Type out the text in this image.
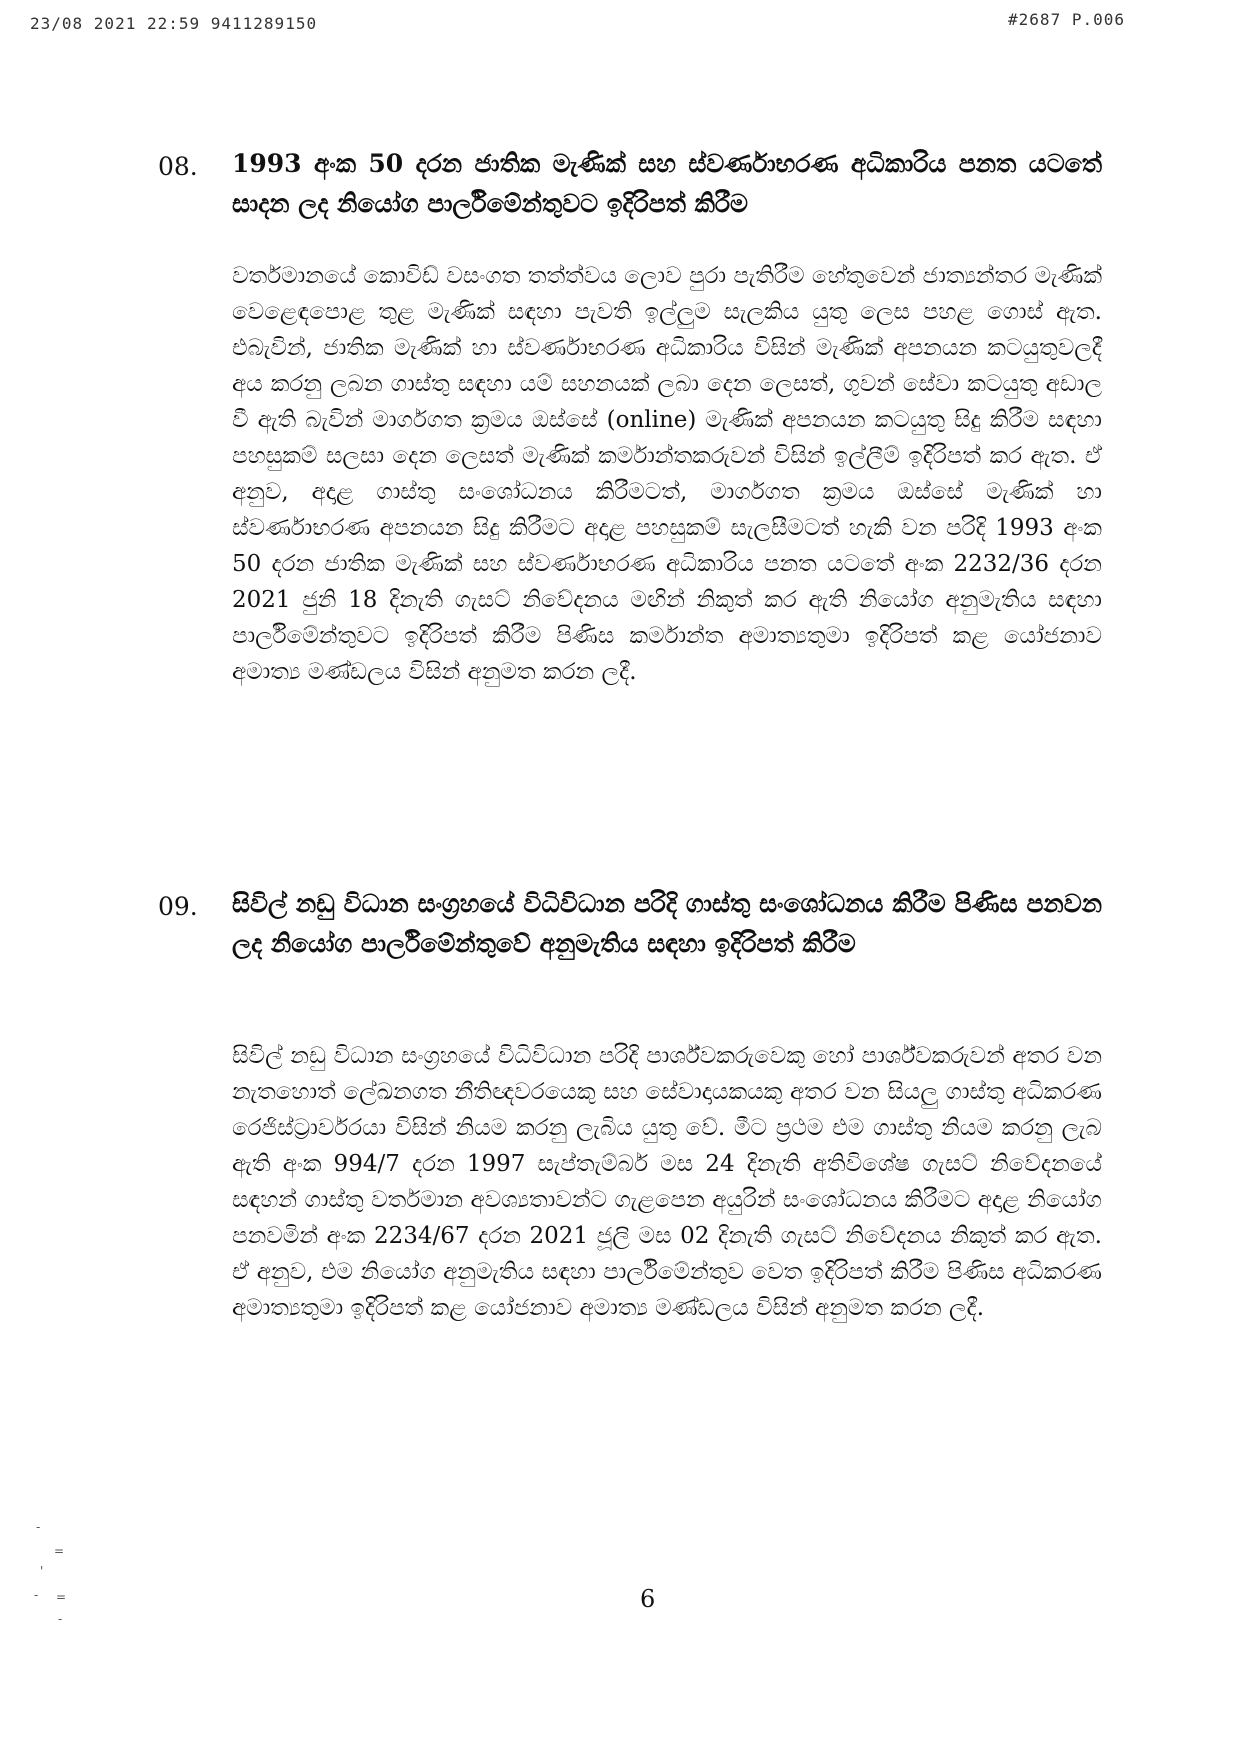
23/08 2021 22:59 9411289150	#2687 P.006
08. 1993 අංක 50 දරන ජාතික මැණික් සහ ස්වර්ණාභරණ අධිකාරිය පනත යටතේ සාදන ලද නියෝග පාර්ලිමේන්තුවට ඉදිරිපත් කිරීම
වර්තමානයේ කොවිඩ් වසංගත තත්ත්වය ලොව පුරා පැතිරීම හේතුවෙන් ජාත්‍යන්තර මැණික් වෙළෙඳපොළ තුළ මැණික් සඳහා පැවති ඉල්ලුම සැලකිය යුතු ලෙස පහළ ගොස් ඇත. එබැවින්, ජාතික මැණික් හා ස්වර්ණාභරණ අධිකාරිය විසින් මැණික් අපනයන කටයුතුවලදී අය කරනු ලබන ගාස්තු සඳහා යම් සහනයක් ලබා දෙන ලෙසත්, ගුවන් සේවා කටයුතු අඩාල වී ඇති බැවින් මාර්ගගත ක්‍රමය ඔස්සේ (online) මැණික් අපනයන කටයුතු සිදු කිරීම සඳහා පහසුකම් සලසා දෙන ලෙසත් මැණික් කර්මාන්තකරුවන් විසින් ඉල්ලීම් ඉදිරිපත් කර ඇත. ඒ අනුව, අදාළ ගාස්තු සංශෝධනය කිරීමටත්, මාර්ගගත ක්‍රමය ඔස්සේ මැණික් හා ස්වර්ණාභරණ අපනයන සිදු කිරීමට අදාළ පහසුකම් සැලසීමටත් හැකි වන පරිදි 1993 අංක 50 දරන ජාතික මැණික් සහ ස්වර්ණාභරණ අධිකාරිය පනත යටතේ අංක 2232/36 දරන 2021 ජුනි 18 දිනැති ගැසට් නිවේදනය මඟින් නිකුත් කර ඇති නියෝග අනුමැතිය සඳහා පාර්ලිමේන්තුවට ඉදිරිපත් කිරීම පිණිස කර්මාන්ත අමාත්‍යතුමා ඉදිරිපත් කළ යෝජනාව අමාත්‍ය මණ්ඩලය විසින් අනුමත කරන ලදී.
09. සිවිල් නඩු විධාන සංග්‍රහයේ විධිවිධාන පරිදි ගාස්තු සංශෝධනය කිරීම පිණිස පනවන ලද නියෝග පාර්ලිමේන්තුවේ අනුමැතිය සඳහා ඉදිරිපත් කිරීම
සිවිල් නඩු විධාන සංග්‍රහයේ විධිවිධාන පරිදි පාර්ශ්වකරුවෙකු හෝ පාර්ශ්වකරුවන් අතර වන නැතහොත් ලේඛනගත නීතිඥවරයෙකු සහ සේවාදායකයකු අතර වන සියලු ගාස්තු අධිකරණ රෙජිස්ට්‍රාර්වරයා විසින් නියම කරනු ලැබිය යුතු වේ. මීට ප්‍රථම එම ගාස්තු නියම කරනු ලැබ ඇති අංක 994/7 දරන 1997 සැප්තැම්බර් මස 24 දිනැති අතිවිශේෂ ගැසට් නිවේදනයේ සඳහන් ගාස්තු වර්තමාන අවශ්‍යතාවන්ට ගැළපෙන අයුරින් සංශෝධනය කිරීමට අදාළ නියෝග පනවමින් අංක 2234/67 දරන 2021 ජූලි මස 02 දිනැති ගැසට් නිවේදනය නිකුත් කර ඇත. ඒ අනුව, එම නියෝග අනුමැතිය සඳහා පාර්ලිමේන්තුව වෙත ඉදිරිපත් කිරීම පිණිස අධිකරණ අමාත්‍යතුමා ඉදිරිපත් කළ යෝජනාව අමාත්‍ය මණ්ඩලය විසින් අනුමත කරන ලදී.
-
=
'
- =
-
6
